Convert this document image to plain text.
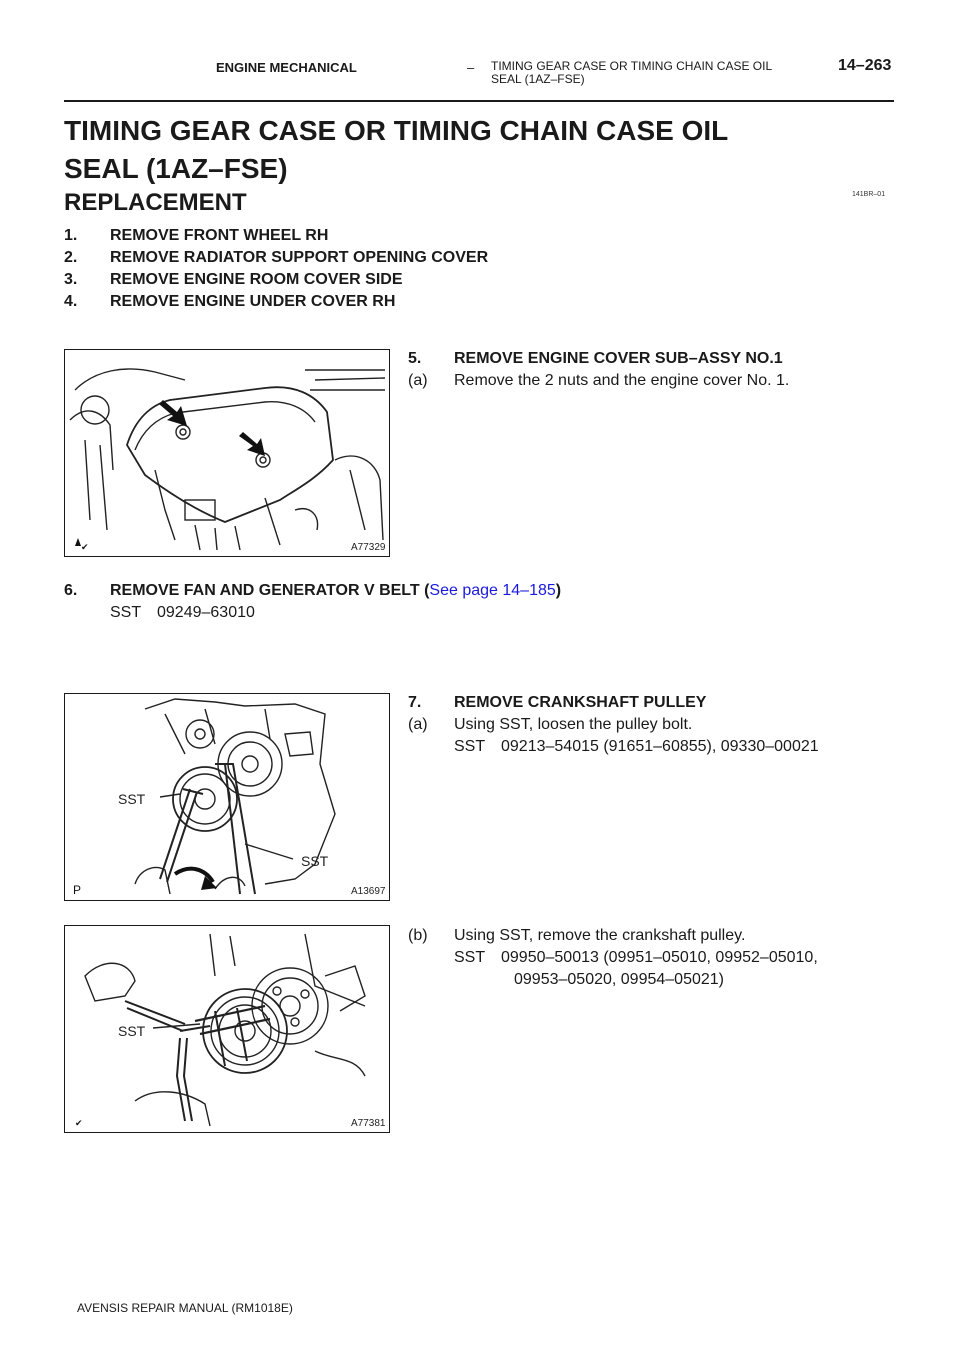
ENGINE MECHANICAL	– TIMING GEAR CASE OR TIMING CHAIN CASE OIL
SEAL (1AZ–FSE)
14–263
TIMING GEAR CASE OR TIMING CHAIN CASE OIL
SEAL (1AZ–FSE)
141BR–01
REPLACEMENT
1. REMOVE FRONT WHEEL RH
2. REMOVE RADIATOR SUPPORT OPENING COVER
3. REMOVE ENGINE ROOM COVER SIDE
4. REMOVE ENGINE UNDER COVER RH
✔	A77329
5. REMOVE ENGINE COVER SUB–ASSY NO.1
(a) Remove the 2 nuts and the engine cover No. 1.
6. REMOVE FAN AND GENERATOR V BELT (See page 14–185)
SST 09249–63010
SST
SST
P	A13697
7. REMOVE CRANKSHAFT PULLEY
(a) Using SST, loosen the pulley bolt.
SST 09213–54015 (91651–60855), 09330–00021
SST
✔	A77381
(b) Using SST, remove the crankshaft pulley.
SST 09950–50013 (09951–05010, 09952–05010,
09953–05020, 09954–05021)
AVENSIS REPAIR MANUAL (RM1018E)
